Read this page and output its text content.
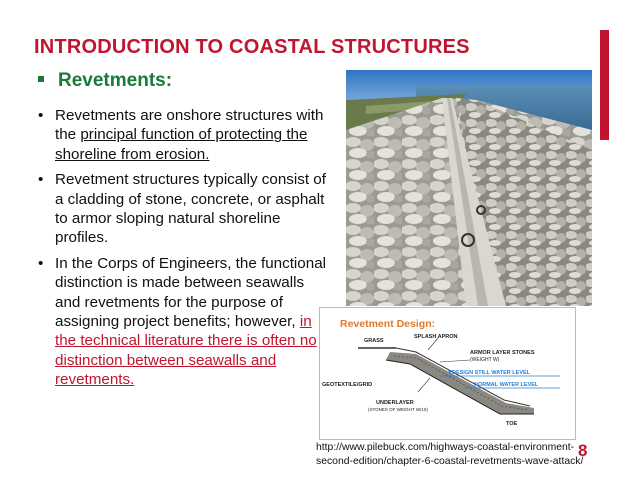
INTRODUCTION TO COASTAL STRUCTURES
Revetments:
• Revetments are onshore structures with the principal function of protecting the shoreline from erosion.
• Revetment structures typically consist of a cladding of stone, concrete, or asphalt to armor sloping natural shoreline profiles.
• In the Corps of Engineers, the functional distinction is made between seawalls and revetments for the purpose of assigning project benefits; however, in the technical literature there is often no distinction between seawalls and revetments.
Revetment Design:
GRASS
SPLASH APRON
ARMOR LAYER STONES
(WEIGHT W)
DESIGN STILL WATER LEVEL
NORMAL WATER LEVEL
GEOTEXTILE/GRID
UNDERLAYER
(STONES OF WEIGHT W/10)
TOE
http://www.pilebuck.com/highways-coastal-environment-second-edition/chapter-6-coastal-revetments-wave-attack/
8
